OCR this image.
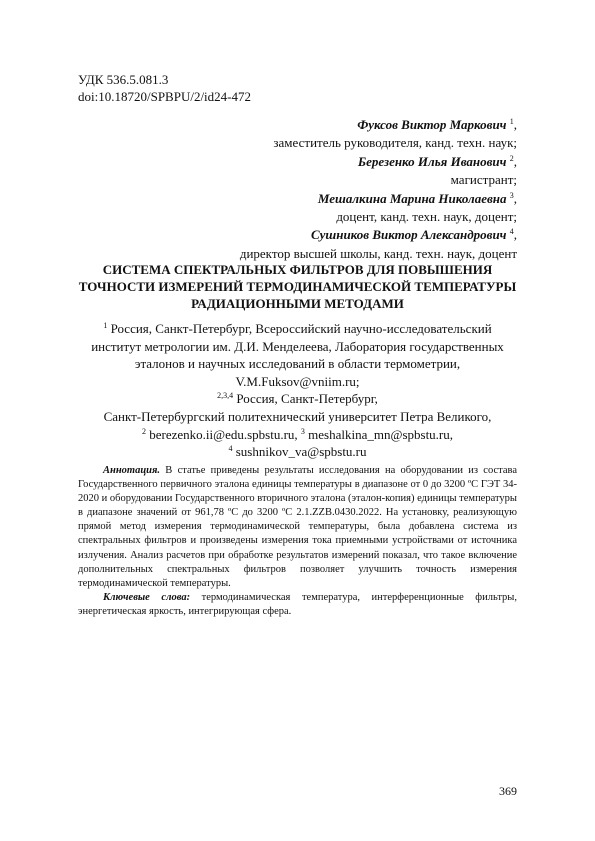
УДК 536.5.081.3
doi:10.18720/SPBPU/2/id24-472
Фуксов Виктор Маркович $^1$,
заместитель руководителя, канд. техн. наук;
Березенко Илья Иванович $^2$,
магистрант;
Мешалкина Марина Николаевна $^3$,
доцент, канд. техн. наук, доцент;
Сушников Виктор Александрович $^4$,
директор высшей школы, канд. техн. наук, доцент
СИСТЕМА СПЕКТРАЛЬНЫХ ФИЛЬТРОВ ДЛЯ ПОВЫШЕНИЯ ТОЧНОСТИ ИЗМЕРЕНИЙ ТЕРМОДИНАМИЧЕСКОЙ ТЕМПЕРАТУРЫ РАДИАЦИОННЫМИ МЕТОДАМИ
$^1$ Россия, Санкт-Петербург, Всероссийский научно-исследовательский институт метрологии им. Д.И. Менделеева, Лаборатория государственных эталонов и научных исследований в области термометрии, V.M.Fuksov@vniim.ru;
$^{2,3,4}$ Россия, Санкт-Петербург,
Санкт-Петербургский политехнический университет Петра Великого,
$^2$ berezenko.ii@edu.spbstu.ru, $^3$ meshalkina_mn@spbstu.ru,
$^4$ sushnikov_va@spbstu.ru

Аннотация. В статье приведены результаты исследования на оборудовании из состава Государственного первичного эталона единицы температуры в диапазоне от 0 до 3200 ºC ГЭТ 34-2020 и оборудовании Государственного вторичного эталона (эталон-копия) единицы температуры в диапазоне значений от 961,78 ºC до 3200 ºC 2.1.ZZB.0430.2022. На установку, реализующую прямой метод измерения термодинамической температуры, была добавлена система из спектральных фильтров и произведены измерения тока приемными устройствами от источника излучения. Анализ расчетов при обработке результатов измерений показал, что такое включение дополнительных спектральных фильтров позволяет улучшить точность измерения термодинамической температуры.

Ключевые слова: термодинамическая температура, интерференционные фильтры, энергетическая яркость, интегрирующая сфера.

369
